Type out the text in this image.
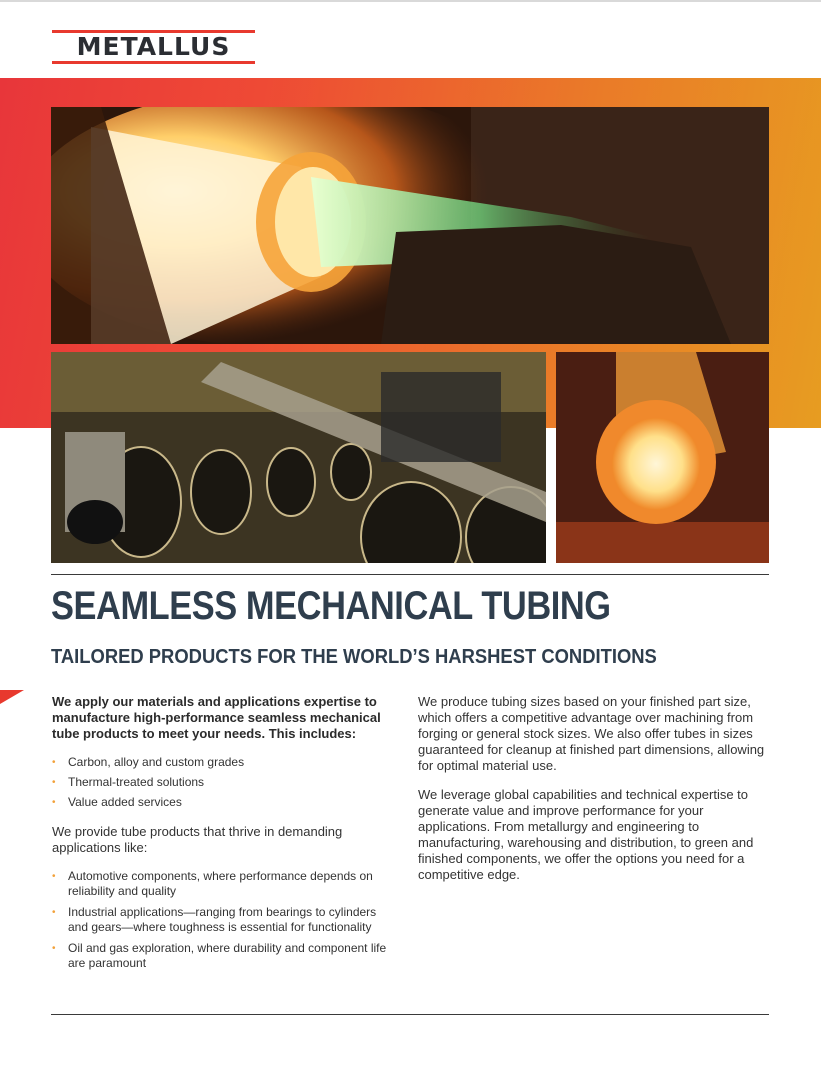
METALLUS
SEAMLESS MECHANICAL TUBING
TAILORED PRODUCTS FOR THE WORLD’S HARSHEST CONDITIONS

We apply our materials and applications expertise to manufacture high-performance seamless mechanical tube products to meet your needs. This includes:

• Carbon, alloy and custom grades
• Thermal-treated solutions
• Value added services

We provide tube products that thrive in demanding applications like:

• Automotive components, where performance depends on reliability and quality
• Industrial applications—ranging from bearings to cylinders and gears—where toughness is essential for functionality
• Oil and gas exploration, where durability and component life are paramount

We produce tubing sizes based on your finished part size, which offers a competitive advantage over machining from forging or general stock sizes. We also offer tubes in sizes guaranteed for cleanup at finished part dimensions, allowing for optimal material use.

We leverage global capabilities and technical expertise to generate value and improve performance for your applications. From metallurgy and engineering to manufacturing, warehousing and distribution, to green and finished components, we offer the options you need for a competitive edge.
